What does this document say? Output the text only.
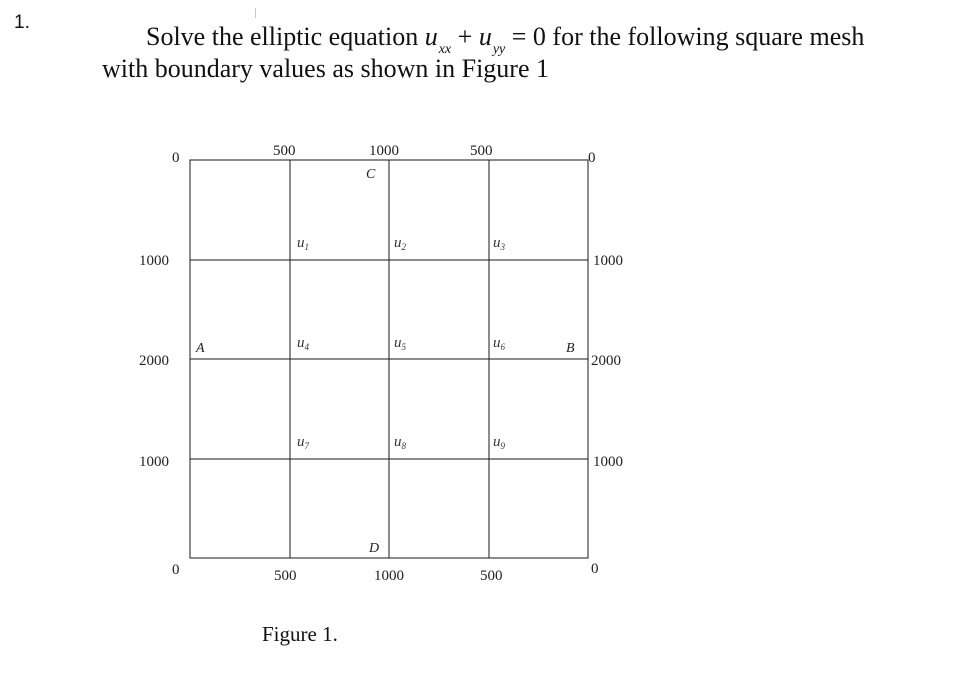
1.	Solve the elliptic equation $u_{xx} + u_{yy} = 0$ for the following square mesh
with boundary values as shown in Figure 1
0	500	1000	500	0
0	500	1000	500	0
1000
2000
1000
1000
2000
1000
C
A	B
D
$u_1$	$u_2$	$u_3$
$u_4$	$u_5$	$u_6$
$u_7$	$u_8$	$u_9$
Figure 1.
